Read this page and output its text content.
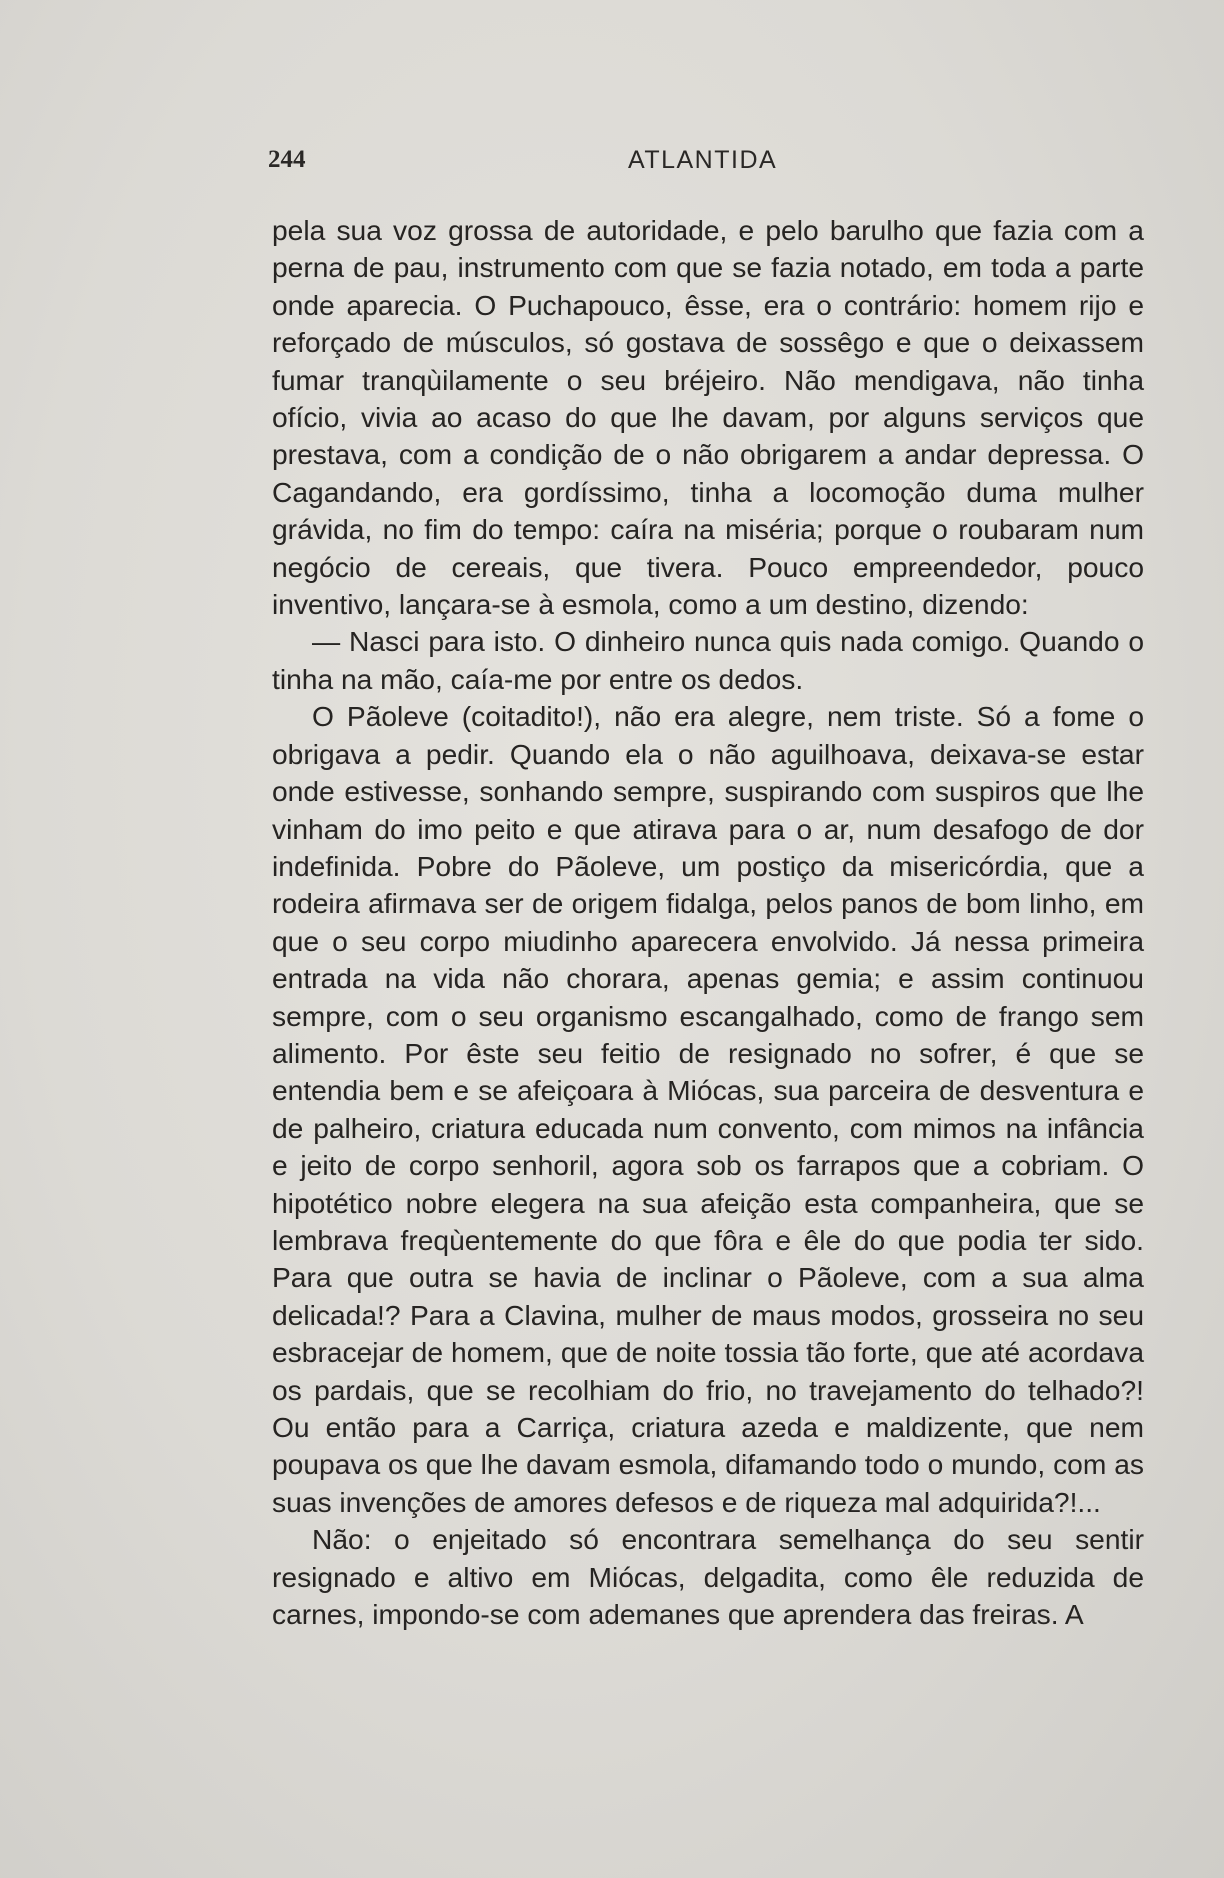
244	ATLANTIDA

pela sua voz grossa de autoridade, e pelo barulho que fazia com a perna de pau, instrumento com que se fazia notado, em toda a parte onde aparecia. O Puchapouco, êsse, era o contrário: homem rijo e reforçado de músculos, só gostava de sossêgo e que o deixassem fumar tranqùilamente o seu bréjeiro. Não mendigava, não tinha ofício, vivia ao acaso do que lhe davam, por alguns serviços que prestava, com a condição de o não obrigarem a andar depressa. O Cagandando, era gordíssimo, tinha a locomoção duma mulher grávida, no fim do tempo: caíra na miséria; porque o roubaram num negócio de cereais, que tivera. Pouco empreendedor, pouco inventivo, lançara-se à esmola, como a um destino, dizendo:

— Nasci para isto. O dinheiro nunca quis nada comigo. Quando o tinha na mão, caía-me por entre os dedos.

O Pãoleve (coitadito!), não era alegre, nem triste. Só a fome o obrigava a pedir. Quando ela o não aguilhoava, deixava-se estar onde estivesse, sonhando sempre, suspirando com suspiros que lhe vinham do imo peito e que atirava para o ar, num desafogo de dor indefinida. Pobre do Pãoleve, um postiço da misericórdia, que a rodeira afirmava ser de origem fidalga, pelos panos de bom linho, em que o seu corpo miudinho aparecera envolvido. Já nessa primeira entrada na vida não chorara, apenas gemia; e assim continuou sempre, com o seu organismo escangalhado, como de frango sem alimento. Por êste seu feitio de resignado no sofrer, é que se entendia bem e se afeiçoara à Miócas, sua parceira de desventura e de palheiro, criatura educada num convento, com mimos na infância e jeito de corpo senhoril, agora sob os farrapos que a cobriam. O hipotético nobre elegera na sua afeição esta companheira, que se lembrava freqùentemente do que fôra e êle do que podia ter sido. Para que outra se havia de inclinar o Pãoleve, com a sua alma delicada!? Para a Clavina, mulher de maus modos, grosseira no seu esbracejar de homem, que de noite tossia tão forte, que até acordava os pardais, que se recolhiam do frio, no travejamento do telhado?! Ou então para a Carriça, criatura azeda e maldizente, que nem poupava os que lhe davam esmola, difamando todo o mundo, com as suas invenções de amores defesos e de riqueza mal adquirida?!...

Não: o enjeitado só encontrara semelhança do seu sentir resignado e altivo em Miócas, delgadita, como êle reduzida de carnes, impondo-se com ademanes que aprendera das freiras. A
